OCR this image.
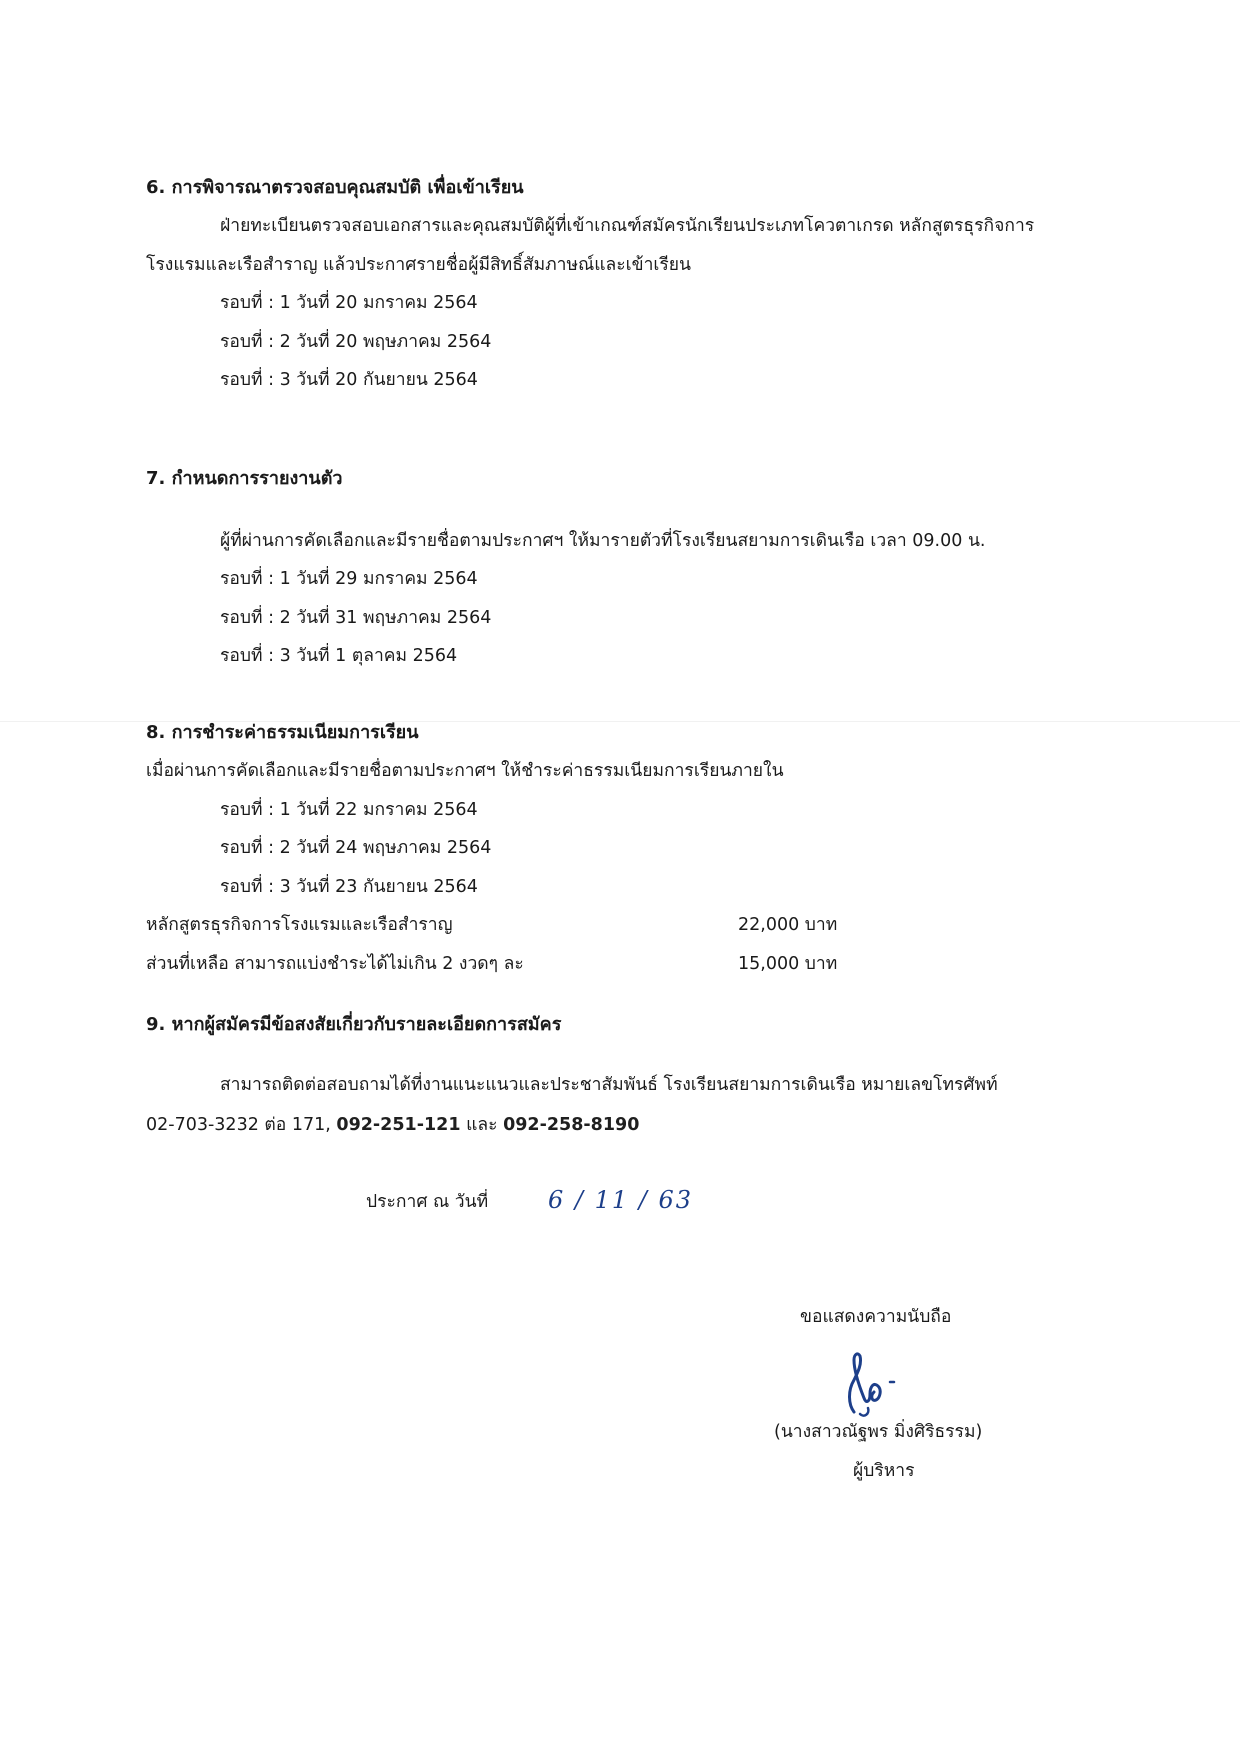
6. การพิจารณาตรวจสอบคุณสมบัติ เพื่อเข้าเรียน
ฝ่ายทะเบียนตรวจสอบเอกสารและคุณสมบัติผู้ที่เข้าเกณฑ์สมัครนักเรียนประเภทโควตาเกรด หลักสูตรธุรกิจการ
โรงแรมและเรือสำราญ แล้วประกาศรายชื่อผู้มีสิทธิ์สัมภาษณ์และเข้าเรียน
รอบที่ : 1 วันที่ 20 มกราคม 2564
รอบที่ : 2 วันที่ 20 พฤษภาคม 2564
รอบที่ : 3 วันที่ 20 กันยายน 2564
7. กำหนดการรายงานตัว
ผู้ที่ผ่านการคัดเลือกและมีรายชื่อตามประกาศฯ ให้มารายตัวที่โรงเรียนสยามการเดินเรือ เวลา 09.00 น.
รอบที่ : 1 วันที่ 29 มกราคม 2564
รอบที่ : 2 วันที่ 31 พฤษภาคม 2564
รอบที่ : 3 วันที่ 1 ตุลาคม 2564
8. การชำระค่าธรรมเนียมการเรียน
เมื่อผ่านการคัดเลือกและมีรายชื่อตามประกาศฯ ให้ชำระค่าธรรมเนียมการเรียนภายใน
รอบที่ : 1 วันที่ 22 มกราคม 2564
รอบที่ : 2 วันที่ 24 พฤษภาคม 2564
รอบที่ : 3 วันที่ 23 กันยายน 2564
หลักสูตรธุรกิจการโรงแรมและเรือสำราญ	22,000 บาท
ส่วนที่เหลือ สามารถแบ่งชำระได้ไม่เกิน 2 งวดๆ ละ	15,000 บาท
9. หากผู้สมัครมีข้อสงสัยเกี่ยวกับรายละเอียดการสมัคร
สามารถติดต่อสอบถามได้ที่งานแนะแนวและประชาสัมพันธ์ โรงเรียนสยามการเดินเรือ หมายเลขโทรศัพท์
02-703-3232 ต่อ 171, 092-251-121 และ 092-258-8190
ประกาศ ณ วันที่ 6 / 11 / 63
ขอแสดงความนับถือ
(นางสาวณัฐพร มิ่งศิริธรรม)
ผู้บริหาร
